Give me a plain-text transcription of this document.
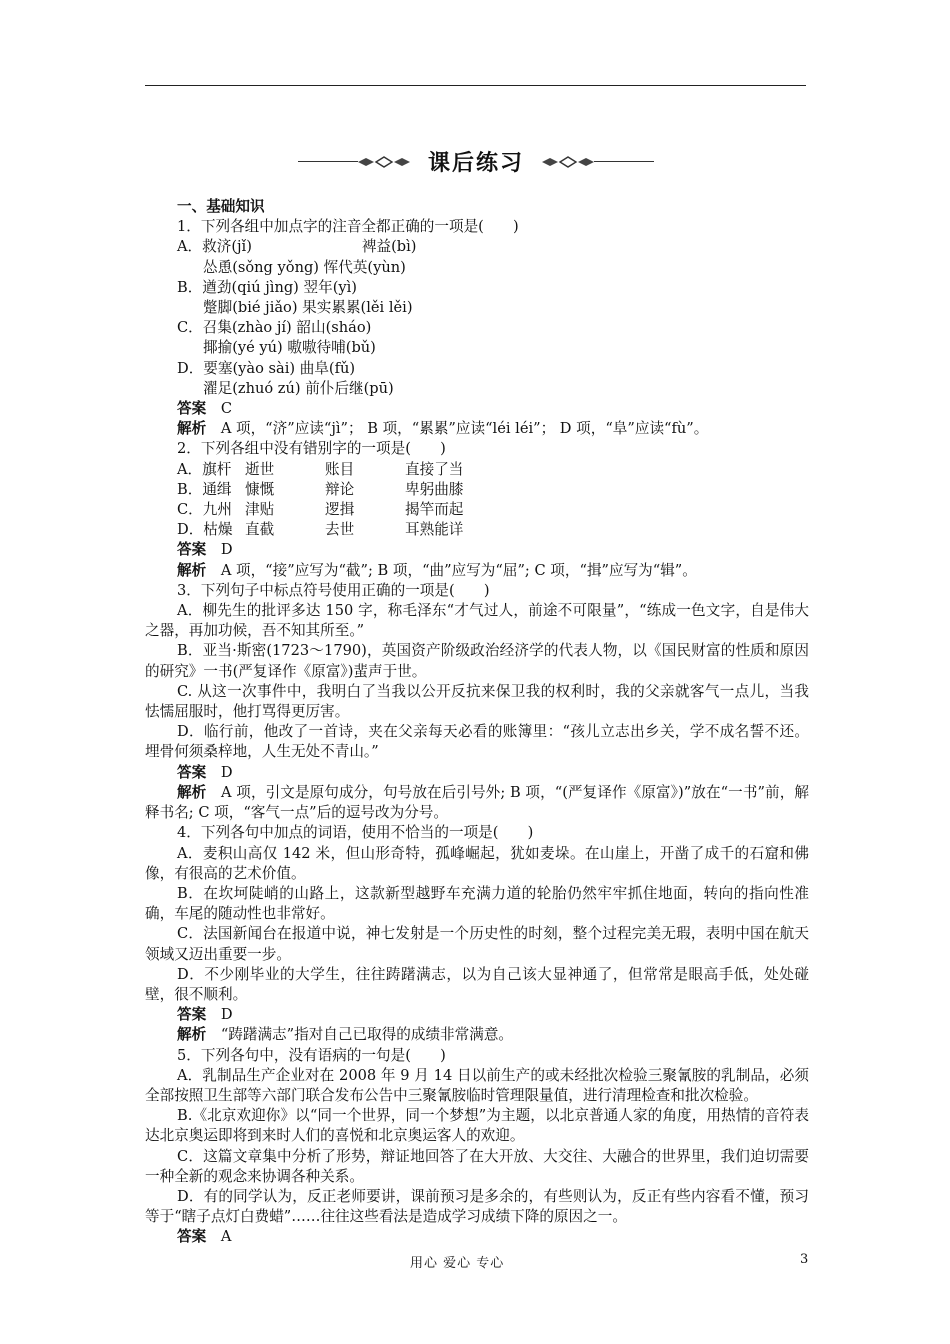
课后练习

一、基础知识

1．下列各组中加点字的注音全都正确的一项是(　　)

A．救济(jǐ)	裨益(bì)

怂恿(sǒng yǒng) 恽代英(yùn)

B．遒劲(qiú jìng) 翌年(yì)

蹩脚(bié jiǎo) 果实累累(lěi lěi)

C．召集(zhào jí) 韶山(sháo)

揶揄(yé yú) 嗷嗷待哺(bǔ)

D．要塞(yào sài) 曲阜(fǔ)

濯足(zhuó zú) 前仆后继(pū)

答案　 C

解析　 A 项，“济”应读“jì”； B 项，“累累”应读“léi léi”； D 项，“阜”应读“fù”。

2．下列各组中没有错别字的一项是(　　)

A．旗杆 逝世	账目	直接了当

B．通缉 慷慨	辩论	卑躬曲膝

C．九州 津贴	逻揖	揭竿而起

D．枯燥 直截	去世	耳熟能详

答案　 D

解析　 A 项，“接”应写为“截”; B 项，“曲”应写为“屈”; C 项，“揖”应写为“辑”。

3．下列句子中标点符号使用正确的一项是(　　)

A．柳先生的批评多达 150 字，称毛泽东“才气过人，前途不可限量”，“练成一色文字，自是伟大之器，再加功候，吾不知其所至。”

B．亚当·斯密(1723～1790)，英国资产阶级政治经济学的代表人物，以《国民财富的性质和原因的研究》一书(严复译作《原富》)蜚声于世。

C. 从这一次事件中，我明白了当我以公开反抗来保卫我的权利时，我的父亲就客气一点儿，当我怯懦屈服时，他打骂得更厉害。

D．临行前，他改了一首诗，夹在父亲每天必看的账簿里：“孩儿立志出乡关，学不成名誓不还。埋骨何须桑梓地，人生无处不青山。”

答案　 D

解析　 A 项，引文是原句成分，句号放在后引号外; B 项，“(严复译作《原富》)”放在“一书”前，解释书名; C 项，“客气一点”后的逗号改为分号。

4．下列各句中加点的词语，使用不恰当的一项是(　　)

A．麦积山高仅 142 米，但山形奇特，孤峰崛起，犹如麦垛。在山崖上，开凿了成千的石窟和佛像，有很高的艺术价值。

B．在坎坷陡峭的山路上，这款新型越野车充满力道的轮胎仍然牢牢抓住地面，转向的指向性准确，车尾的随动性也非常好。

C．法国新闻台在报道中说，神七发射是一个历史性的时刻，整个过程完美无瑕，表明中国在航天领域又迈出重要一步。

D．不少刚毕业的大学生，往往踌躇满志，以为自己该大显神通了，但常常是眼高手低，处处碰壁，很不顺利。

答案　 D

解析　 “踌躇满志”指对自己已取得的成绩非常满意。

5．下列各句中，没有语病的一句是(　　)

A．乳制品生产企业对在 2008 年 9 月 14 日以前生产的或未经批次检验三聚氰胺的乳制品，必须全部按照卫生部等六部门联合发布公告中三聚氰胺临时管理限量值，进行清理检查和批次检验。

B.《北京欢迎你》以“同一个世界，同一个梦想”为主题，以北京普通人家的角度，用热情的音符表达北京奥运即将到来时人们的喜悦和北京奥运客人的欢迎。

C．这篇文章集中分析了形势，辩证地回答了在大开放、大交往、大融合的世界里，我们迫切需要一种全新的观念来协调各种关系。

D．有的同学认为，反正老师要讲，课前预习是多余的，有些则认为，反正有些内容看不懂，预习等于“瞎子点灯白费蜡”……往往这些看法是造成学习成绩下降的原因之一。

答案　 A

用心 爱心 专心	3
